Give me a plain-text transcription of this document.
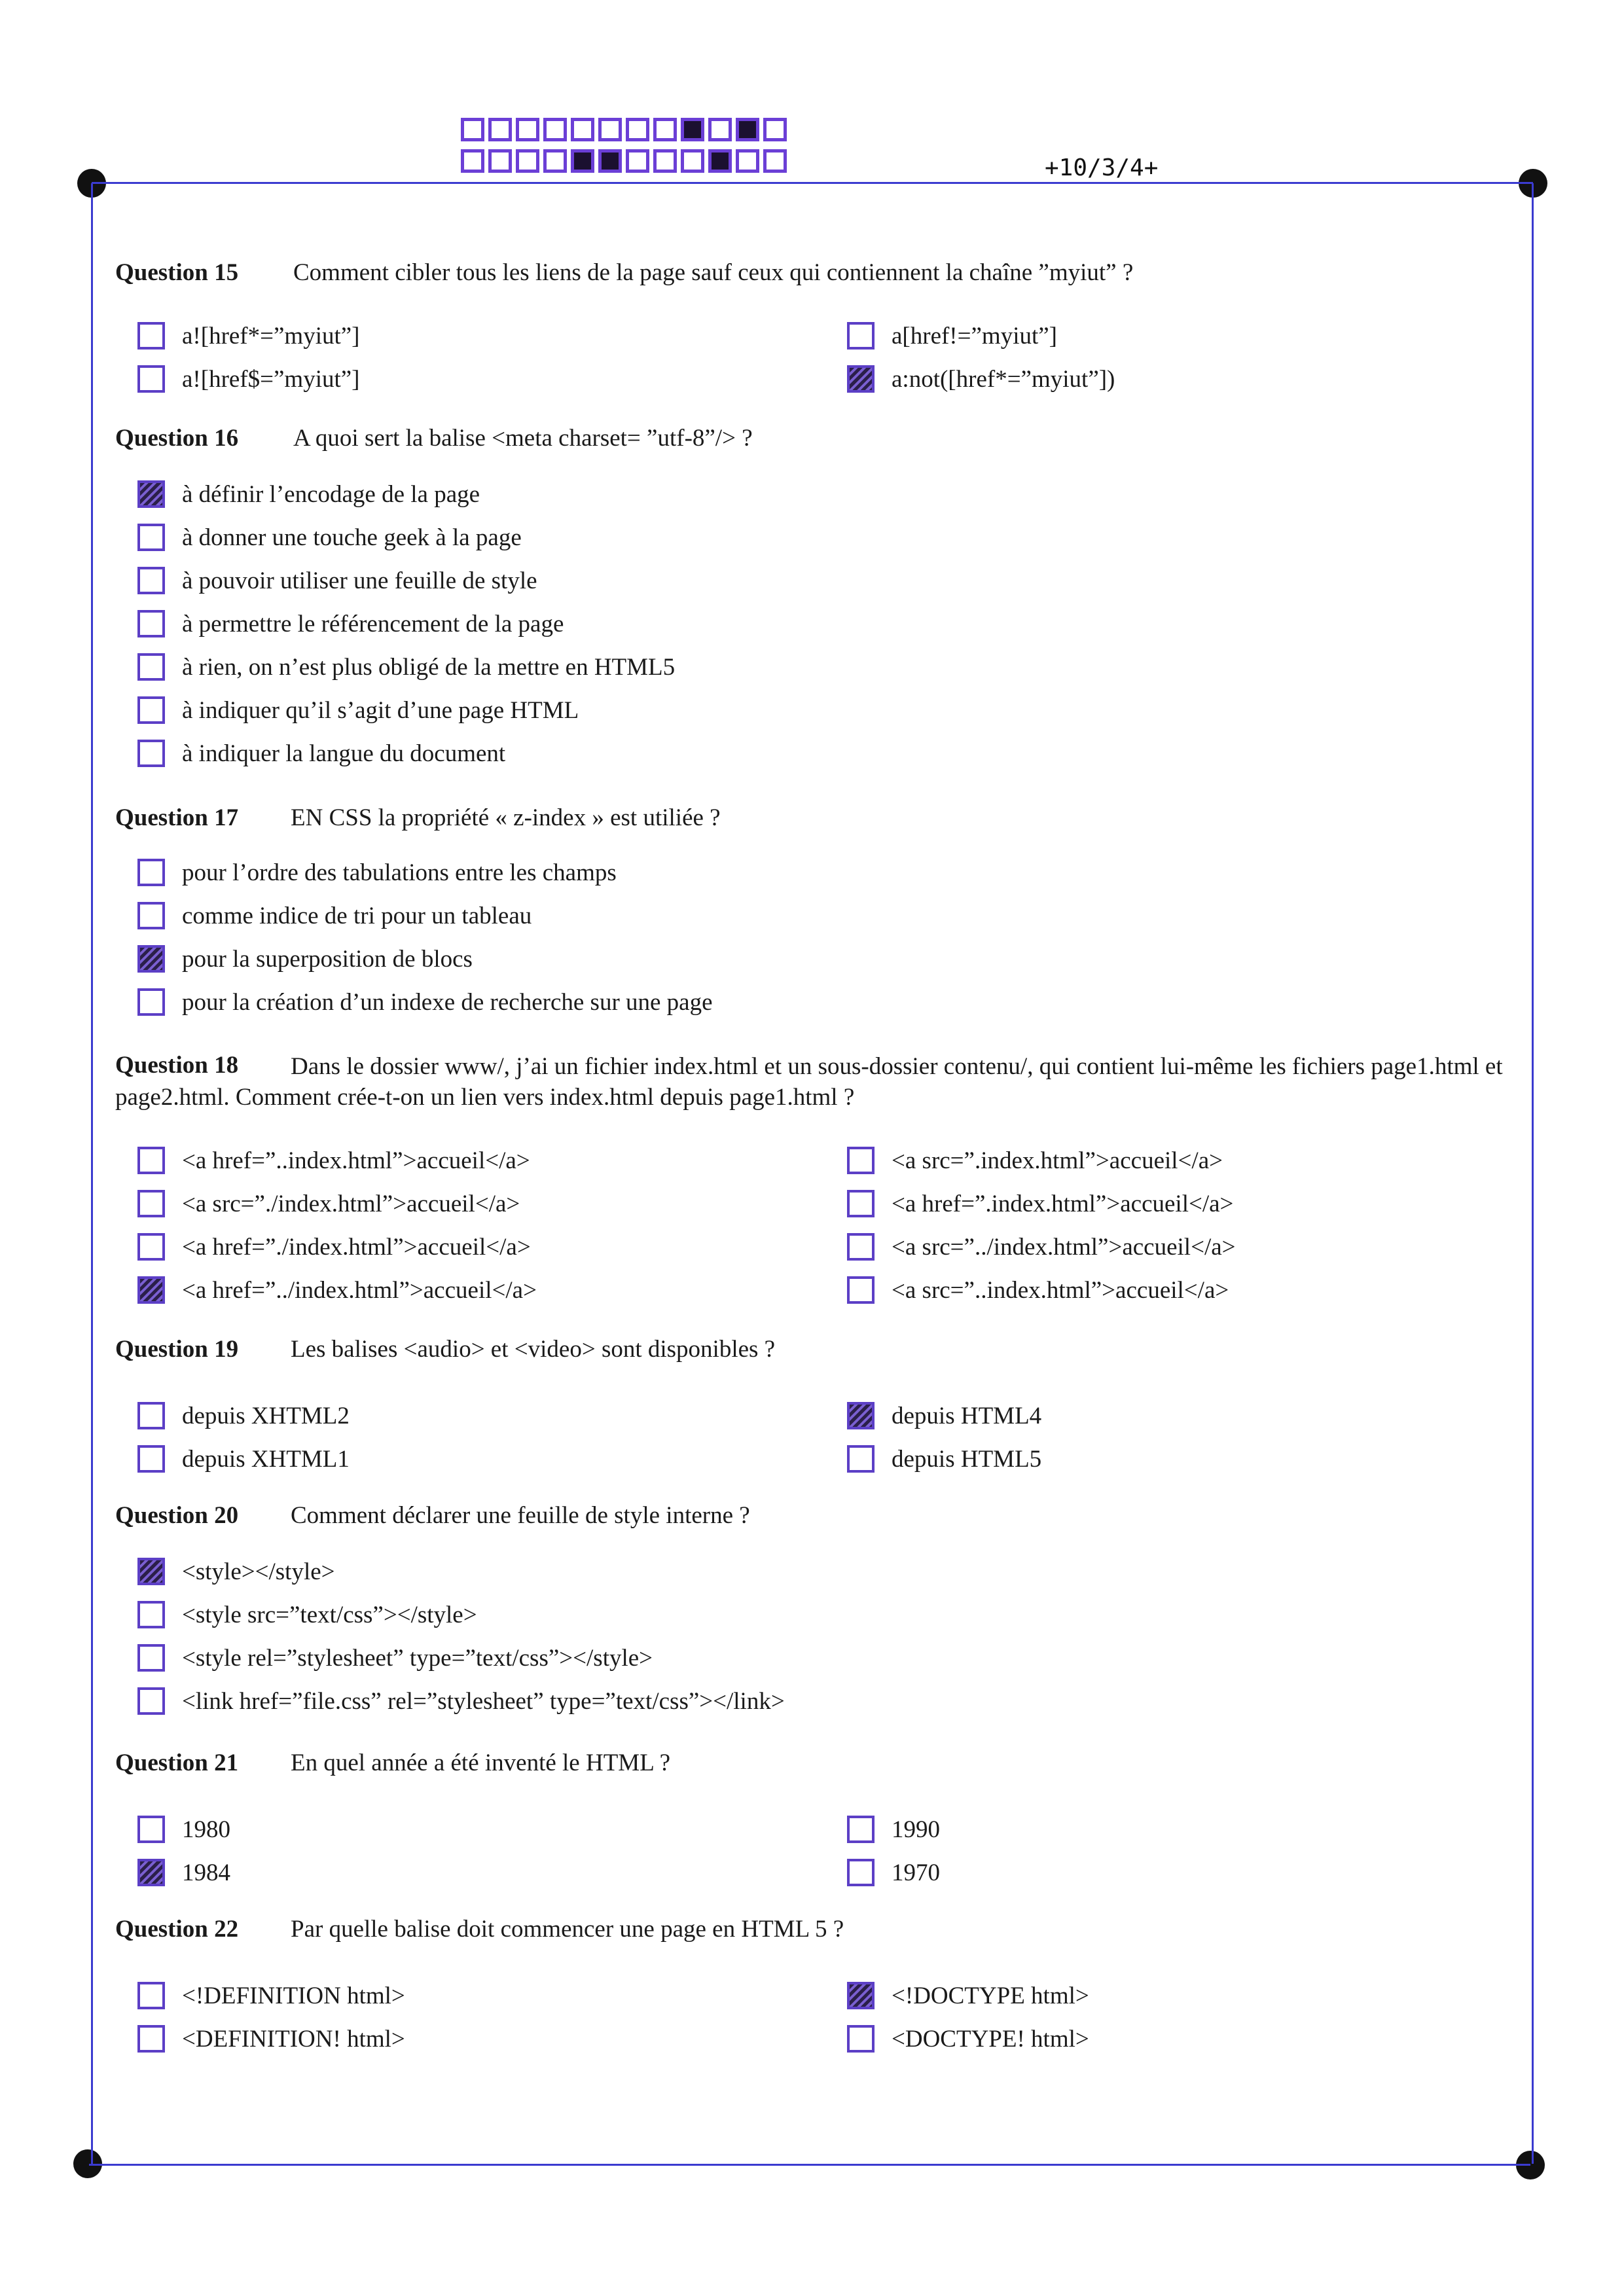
+10/3/4+
Question 15 Comment cibler tous les liens de la page sauf ceux qui contiennent la chaîne ”myiut” ?
a![href*=”myiut”]
a![href$=”myiut”]
a[href!=”myiut”]
a:not([href*=”myiut”])
Question 16 A quoi sert la balise <meta charset= ”utf-8”/> ?
à définir l’encodage de la page
à donner une touche geek à la page
à pouvoir utiliser une feuille de style
à permettre le référencement de la page
à rien, on n’est plus obligé de la mettre en HTML5
à indiquer qu’il s’agit d’une page HTML
à indiquer la langue du document
Question 17 EN CSS la propriété « z-index » est utiliée ?
pour l’ordre des tabulations entre les champs
comme indice de tri pour un tableau
pour la superposition de blocs
pour la création d’un indexe de recherche sur une page
Question 18	Dans le dossier www/, j’ai un fichier index.html et un sous-dossier contenu/, qui contient lui-même les fichiers page1.html et page2.html. Comment crée-t-on un lien vers index.html depuis page1.html ?
<a href=”..index.html”>accueil</a>
<a src=”./index.html”>accueil</a>
<a href=”./index.html”>accueil</a>
<a href=”../index.html”>accueil</a>
<a src=”.index.html”>accueil</a>
<a href=”.index.html”>accueil</a>
<a src=”../index.html”>accueil</a>
<a src=”..index.html”>accueil</a>
Question 19 Les balises <audio> et <video> sont disponibles ?
depuis XHTML2
depuis XHTML1
depuis HTML4
depuis HTML5
Question 20 Comment déclarer une feuille de style interne ?
<style></style>
<style src=”text/css”></style>
<style rel=”stylesheet” type=”text/css”></style>
<link href=”file.css” rel=”stylesheet” type=”text/css”></link>
Question 21 En quel année a été inventé le HTML ?
1980
1984
1990
1970
Question 22 Par quelle balise doit commencer une page en HTML 5 ?
<!DEFINITION html>
<DEFINITION! html>
<!DOCTYPE html>
<DOCTYPE! html>
